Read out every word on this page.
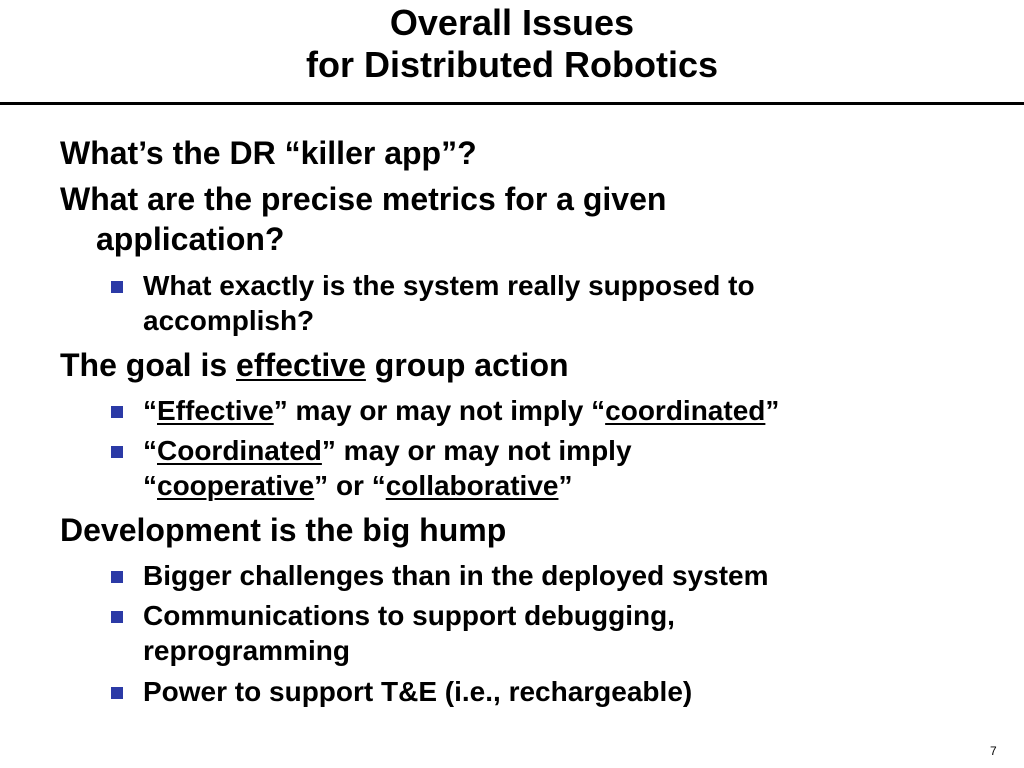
Overall Issues
for Distributed Robotics
What’s the DR “killer app”?
What are the precise metrics for a given
application?
What exactly is the system really supposed to
accomplish?
The goal is effective group action
“Effective” may or may not imply “coordinated”
“Coordinated” may or may not imply
“cooperative” or “collaborative”
Development is the big hump
Bigger challenges than in the deployed system
Communications to support debugging,
reprogramming
Power to support T&E (i.e., rechargeable)
7
